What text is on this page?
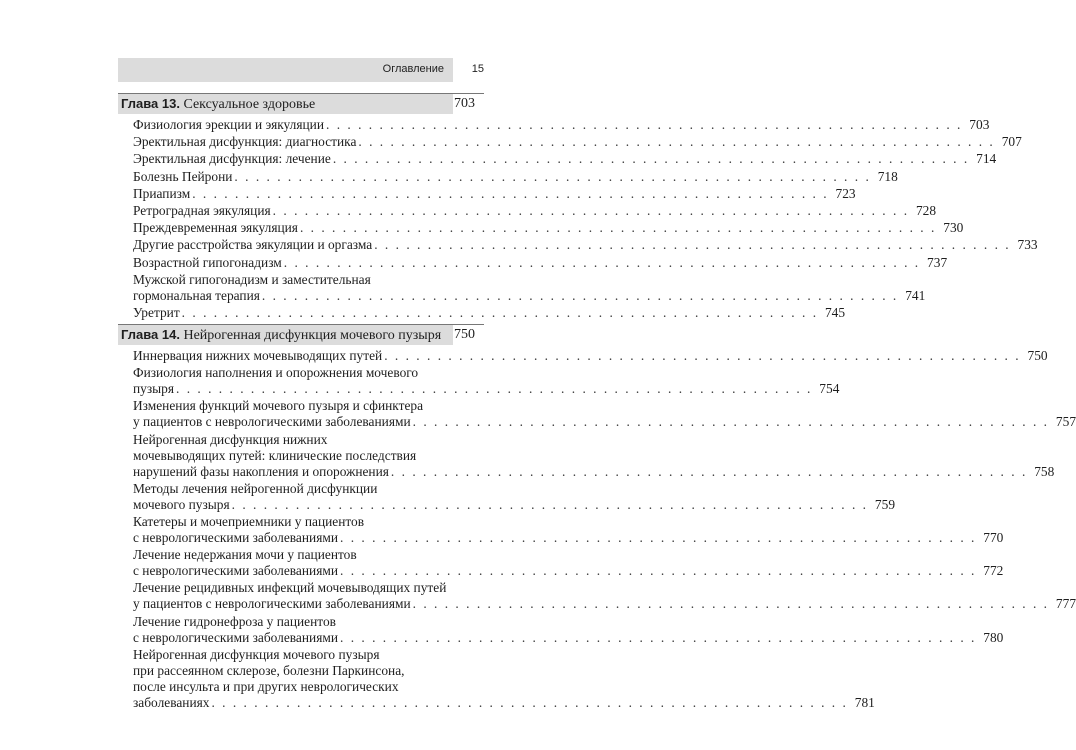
Оглавление	15
Глава 13. Сексуальное здоровье	703
Физиология эрекции и эякуляции . . . . . . . . . . . . . . . . . . . . . . . . . . . . . . . . . . . . . . . . . . . . . . . . . . . . . . . . . . . . 703
Эректильная дисфункция: диагностика . . . . . . . . . . . . . . . . . . . . . . . . . . . . . . . . . . . . . . . . . . . . . . . . . . . . . . . . . . . . 707
Эректильная дисфункция: лечение . . . . . . . . . . . . . . . . . . . . . . . . . . . . . . . . . . . . . . . . . . . . . . . . . . . . . . . . . . . . 714
Болезнь Пейрони . . . . . . . . . . . . . . . . . . . . . . . . . . . . . . . . . . . . . . . . . . . . . . . . . . . . . . . . . . . . 718
Приапизм . . . . . . . . . . . . . . . . . . . . . . . . . . . . . . . . . . . . . . . . . . . . . . . . . . . . . . . . . . . . 723
Ретроградная эякуляция . . . . . . . . . . . . . . . . . . . . . . . . . . . . . . . . . . . . . . . . . . . . . . . . . . . . . . . . . . . . 728
Преждевременная эякуляция . . . . . . . . . . . . . . . . . . . . . . . . . . . . . . . . . . . . . . . . . . . . . . . . . . . . . . . . . . . . 730
Другие расстройства эякуляции и оргазма . . . . . . . . . . . . . . . . . . . . . . . . . . . . . . . . . . . . . . . . . . . . . . . . . . . . . . . . . . . . 733
Возрастной гипогонадизм . . . . . . . . . . . . . . . . . . . . . . . . . . . . . . . . . . . . . . . . . . . . . . . . . . . . . . . . . . . . 737
Мужской гипогонадизм и заместительная
гормональная терапия . . . . . . . . . . . . . . . . . . . . . . . . . . . . . . . . . . . . . . . . . . . . . . . . . . . . . . . . . . . . 741
Уретрит . . . . . . . . . . . . . . . . . . . . . . . . . . . . . . . . . . . . . . . . . . . . . . . . . . . . . . . . . . . . 745
Глава 14. Нейрогенная дисфункция мочевого пузыря 750
Иннервация нижних мочевыводящих путей . . . . . . . . . . . . . . . . . . . . . . . . . . . . . . . . . . . . . . . . . . . . . . . . . . . . . . . . . . . . 750
Физиология наполнения и опорожнения мочевого
пузыря . . . . . . . . . . . . . . . . . . . . . . . . . . . . . . . . . . . . . . . . . . . . . . . . . . . . . . . . . . . . 754
Изменения функций мочевого пузыря и сфинктера
у пациентов с неврологическими заболеваниями . . . . . . . . . . . . . . . . . . . . . . . . . . . . . . . . . . . . . . . . . . . . . . . . . . . . . . . . . . . . 757
Нейрогенная дисфункция нижних
мочевыводящих путей: клинические последствия
нарушений фазы накопления и опорожнения . . . . . . . . . . . . . . . . . . . . . . . . . . . . . . . . . . . . . . . . . . . . . . . . . . . . . . . . . . . . 758
Методы лечения нейрогенной дисфункции
мочевого пузыря . . . . . . . . . . . . . . . . . . . . . . . . . . . . . . . . . . . . . . . . . . . . . . . . . . . . . . . . . . . . 759
Катетеры и мочеприемники у пациентов
с неврологическими заболеваниями . . . . . . . . . . . . . . . . . . . . . . . . . . . . . . . . . . . . . . . . . . . . . . . . . . . . . . . . . . . . 770
Лечение недержания мочи у пациентов
с неврологическими заболеваниями . . . . . . . . . . . . . . . . . . . . . . . . . . . . . . . . . . . . . . . . . . . . . . . . . . . . . . . . . . . . 772
Лечение рецидивных инфекций мочевыводящих путей
у пациентов с неврологическими заболеваниями . . . . . . . . . . . . . . . . . . . . . . . . . . . . . . . . . . . . . . . . . . . . . . . . . . . . . . . . . . . . 777
Лечение гидронефроза у пациентов
с неврологическими заболеваниями . . . . . . . . . . . . . . . . . . . . . . . . . . . . . . . . . . . . . . . . . . . . . . . . . . . . . . . . . . . . 780
Нейрогенная дисфункция мочевого пузыря
при рассеянном склерозе, болезни Паркинсона,
после инсульта и при других неврологических
заболеваниях . . . . . . . . . . . . . . . . . . . . . . . . . . . . . . . . . . . . . . . . . . . . . . . . . . . . . . . . . . . . 781
